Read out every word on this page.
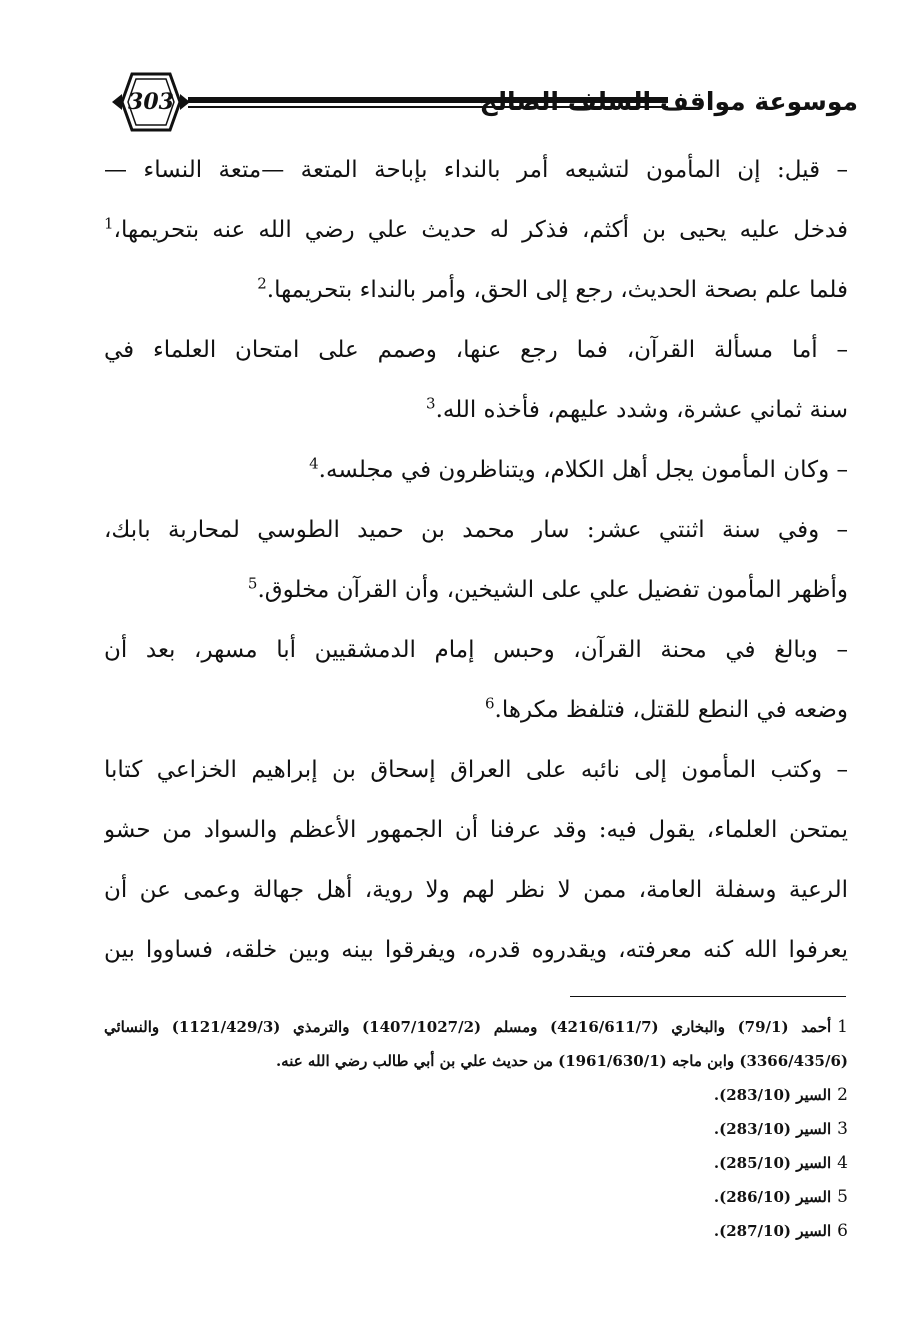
303	موسوعة مواقف السلف الصالح
– قيل: إن المأمون لتشيعه أمر بالنداء بإباحة المتعة —متعة النساء —
فدخل عليه يحيى بن أكثم، فذكر له حديث علي رضي الله عنه بتحريمها،$^1$
فلما علم بصحة الحديث، رجع إلى الحق، وأمر بالنداء بتحريمها.$^2$
– أما مسألة القرآن، فما رجع عنها، وصمم على امتحان العلماء في
سنة ثماني عشرة، وشدد عليهم، فأخذه الله.$^3$
– وكان المأمون يجل أهل الكلام، ويتناظرون في مجلسه.$^4$
– وفي سنة اثنتي عشر: سار محمد بن حميد الطوسي لمحاربة بابك،
وأظهر المأمون تفضيل علي على الشيخين، وأن القرآن مخلوق.$^5$
– وبالغ في محنة القرآن، وحبس إمام الدمشقيين أبا مسهر، بعد أن
وضعه في النطع للقتل، فتلفظ مكرها.$^6$
– وكتب المأمون إلى نائبه على العراق إسحاق بن إبراهيم الخزاعي كتابا
يمتحن العلماء، يقول فيه: وقد عرفنا أن الجمهور الأعظم والسواد من حشو
الرعية وسفلة العامة، ممن لا نظر لهم ولا روية، أهل جهالة وعمى عن أن
يعرفوا الله كنه معرفته، ويقدروه قدره، ويفرقوا بينه وبين خلقه، فساووا بين
1أحمد (79/1) والبخاري (4216/611/7) ومسلم (1407/1027/2) والترمذي (1121/429/3) والنسائي
(3366/435/6) وابن ماجه (1961/630/1) من حديث علي بن أبي طالب رضي الله عنه.
2السير (283/10).
3السير (283/10).
4السير (285/10).
5السير (286/10).
6السير (287/10).
